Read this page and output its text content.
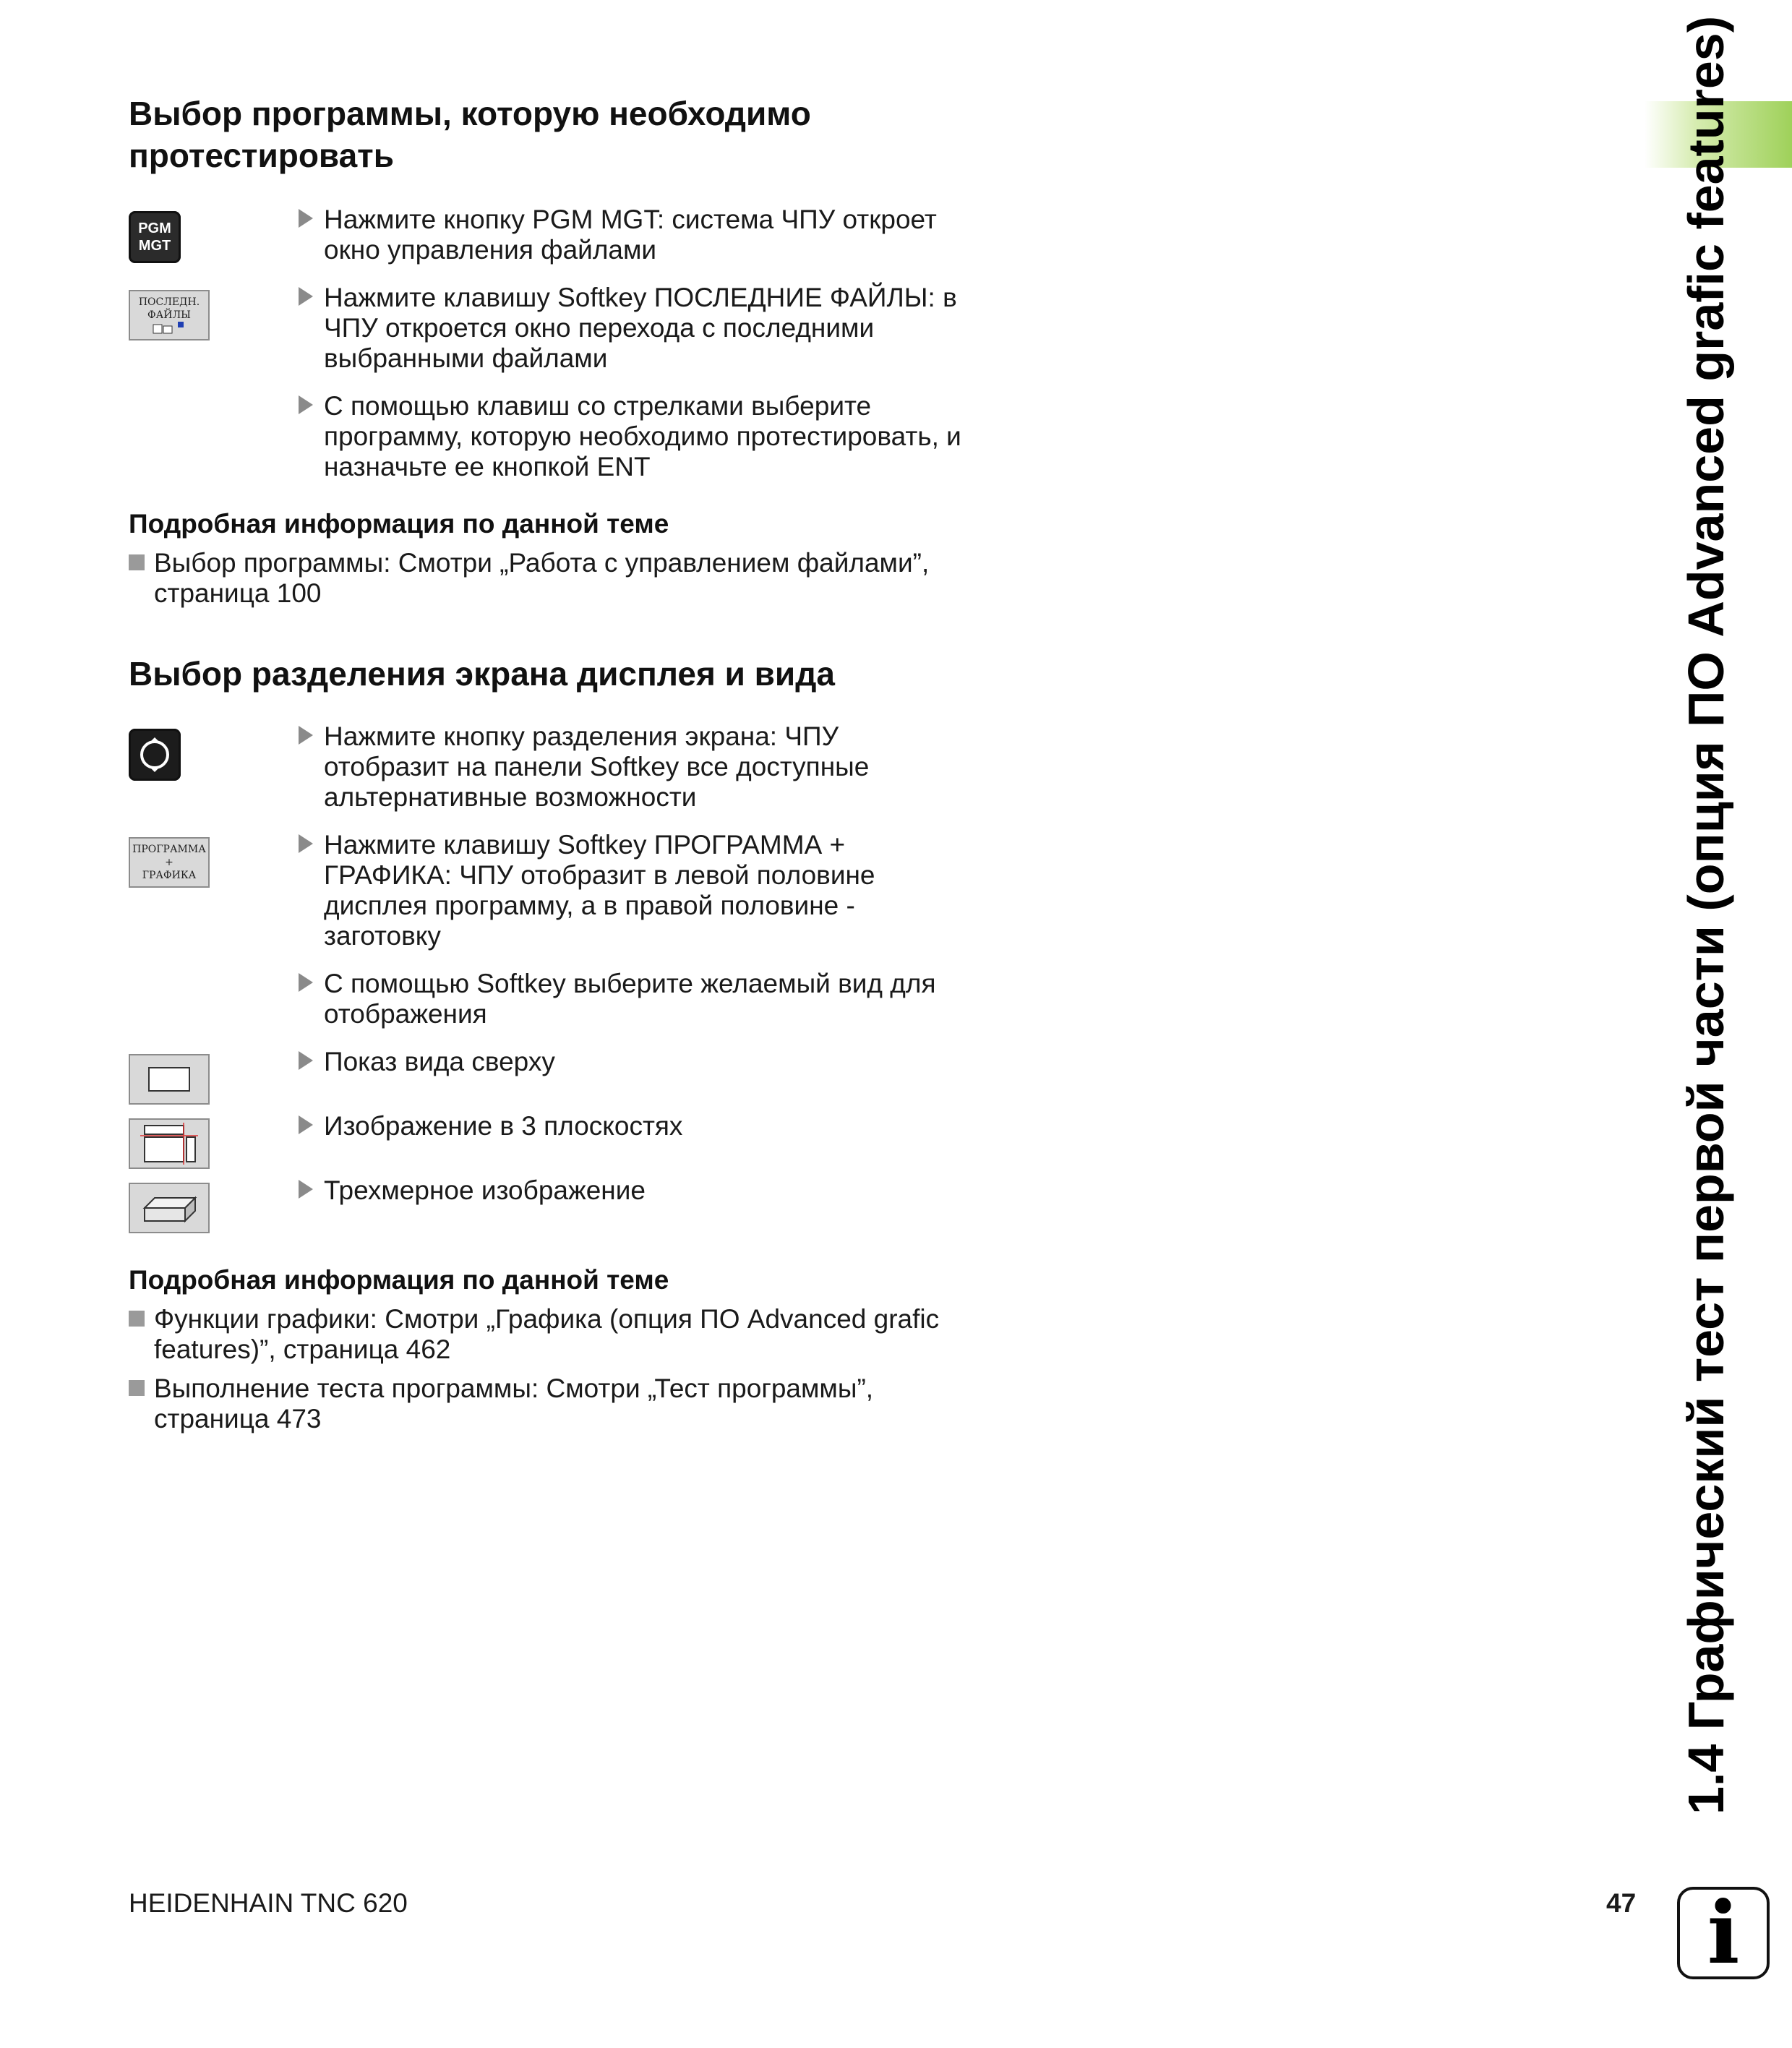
Выбор программы, которую необходимо
протестировать
PGM
MGT
Нажмите кнопку PGM MGT: система ЧПУ откроет окно управления файлами
ПОСЛЕДН.
ФАЙЛЫ
Нажмите клавишу Softkey ПОСЛЕДНИЕ ФАЙЛЫ: в ЧПУ откроется окно перехода с последними выбранными файлами
С помощью клавиш со стрелками выберите программу, которую необходимо протестировать, и назначьте ее кнопкой ENT
Подробная информация по данной теме
Выбор программы: Смотри „Работа с управлением файлами”, страница 100
Выбор разделения экрана дисплея и вида
Нажмите кнопку разделения экрана: ЧПУ отобразит на панели Softkey все доступные альтернативные возможности
ПРОГРАММА
+
ГРАФИКА
Нажмите клавишу Softkey ПРОГРАММА + ГРАФИКА: ЧПУ отобразит в левой половине дисплея программу, а в правой половине - заготовку
С помощью Softkey выберите желаемый вид для отображения
Показ вида сверху
Изображение в 3 плоскостях
Трехмерное изображение
Подробная информация по данной теме
Функции графики: Смотри „Графика (опция ПО Advanced grafic features)”, страница 462
Выполнение теста программы: Смотри „Тест программы”, страница 473	1.4 Графический тест первой части (опция ПО Advanced grafic features)
HEIDENHAIN TNC 620	47 i
